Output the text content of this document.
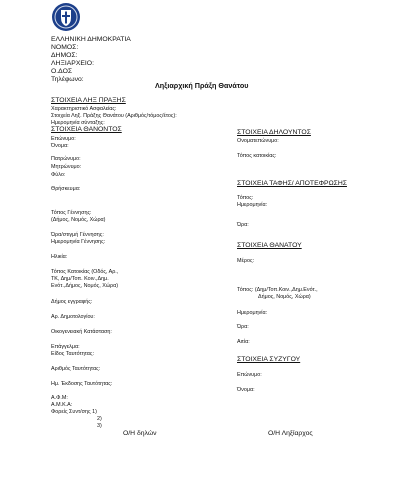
ΕΛΛΗΝΙΚΗ ΔΗΜΟΚΡΑΤΙΑ
ΝΟΜΟΣ:
ΔΗΜΟΣ:
ΛΗΞΙΑΡΧΕΙΟ:
Ο.ΔΟΣ
Τηλέφωνο:
Ληξιαρχική Πράξη Θανάτου
ΣΤΟΙΧΕΙΑ ΛΗΞ ΠΡΑΞΗΣ
Χαρακτηριστικό Ασφαλείας:
Στοιχεία Ληξ. Πράξης Θανάτου (Αριθμός/τόμος/έτος):
Ημερομηνία σύνταξης:
ΣΤΟΙΧΕΙΑ ΘΑΝΟΝΤΟΣ
Επώνυμο:
Όνομα:
Πατρώνυμο:
Μητρώνυμο:
Φύλο:
Θρήσκευμα:
Τόπος Γέννησης:
(Δήμος, Νομός, Χώρα)
Ώρα/στιγμή Γέννησης:
Ημερομηνία Γέννησης:
Ηλικία:
Τόπος Κατοικίας (Οδός, Αρ.,
ΤΚ, Δημ/Τοπ. Κοιν.,Δημ.
Ενότ.,Δήμος, Νομός, Χώρα)
Δήμος εγγραφής:
Αρ. Δημοτολογίου:
Οικογενειακή Κατάσταση:
Επάγγελμα:
Είδος Ταυτότητας:
Αριθμός Ταυτότητας:
Ημ. Έκδοσης Ταυτότητας:
Α.Φ.Μ:
Α.Μ.Κ.Α:
Φορείς Συντ/σης 1)
2)
3)
ΣΤΟΙΧΕΙΑ ΔΗΛΟΥΝΤΟΣ
Ονοματεπώνυμο:
Τόπος κατοικίας:
ΣΤΟΙΧΕΙΑ ΤΑΦΗΣ/ ΑΠΟΤΕΦΡΩΣΗΣ
Τόπος:
Ημερομηνία:
Ώρα:
ΣΤΟΙΧΕΙΑ ΘΑΝΑΤΟΥ
Μέρος:
Τόπος: (Δημ/Τοπ.Κοιν.,Δημ.Ενότ.,
Δήμος, Νομός, Χώρα)
Ημερομηνία:
Ώρα:
Αιτία:
ΣΤΟΙΧΕΙΑ ΣΥΖΥΓΟΥ
Επώνυμο:
Όνομα:
Ο/Η δηλών	Ο/Η Ληξίαρχος
